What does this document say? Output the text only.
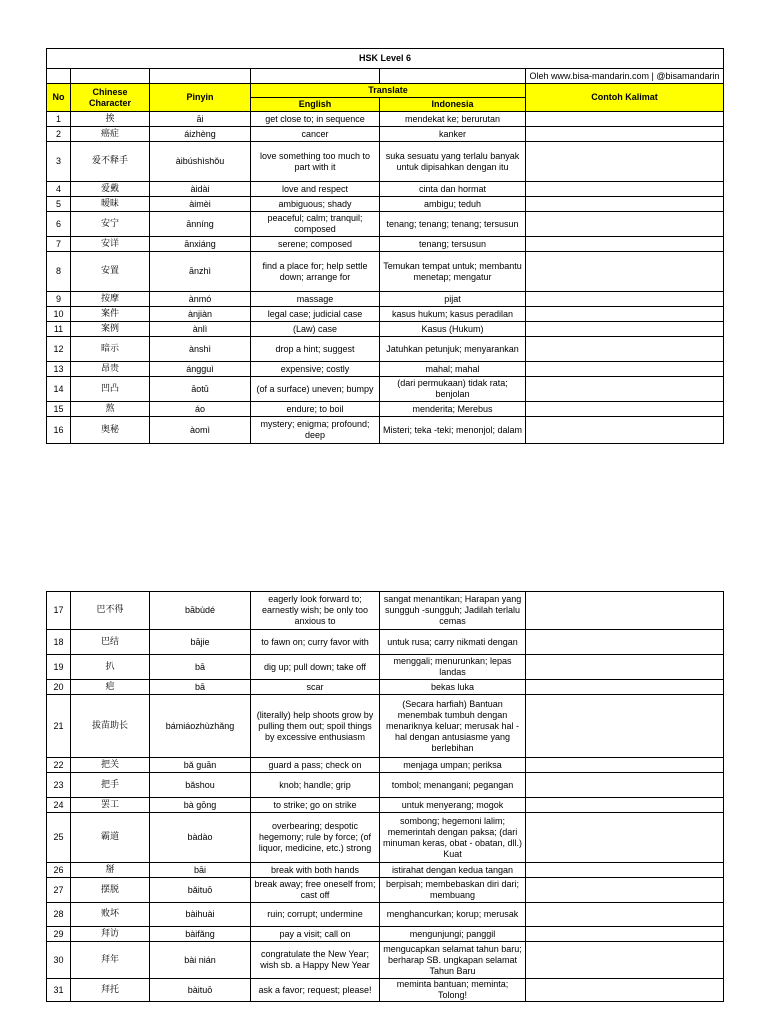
HSK Level 6					
					Oleh www.bisa-mandarin.com | @bisamandarin
No	Chinese Character	Pinyin	Translate		Contoh Kalimat
			English	Indonesia	
1	挨	āi	get close to; in sequence	mendekat ke; berurutan	
2	癌症	áizhèng	cancer	kanker	
3	爱不释手	àibúshìshǒu	love something too much to part with it	suka sesuatu yang terlalu banyak untuk dipisahkan dengan itu	
4	爱戴	àidài	love and respect	cinta dan hormat	
5	暧昧	àimèi	ambiguous; shady	ambigu; teduh	
6	安宁	ānníng	peaceful; calm; tranquil; composed	tenang; tenang; tenang; tersusun	
7	安详	ānxiáng	serene; composed	tenang; tersusun	
8	安置	ānzhì	find a place for; help settle down; arrange for	Temukan tempat untuk; membantu menetap; mengatur	
9	按摩	ànmó	massage	pijat	
10	案件	ànjiàn	legal case; judicial case	kasus hukum; kasus peradilan	
11	案例	ànlì	(Law) case	Kasus (Hukum)	
12	暗示	ànshì	drop a hint; suggest	Jatuhkan petunjuk; menyarankan	
13	昂贵	ángguì	expensive; costly	mahal; mahal	
14	凹凸	āotū	(of a surface) uneven; bumpy	(dari permukaan) tidak rata; benjolan	
15	熬	áo	endure; to boil	menderita; Merebus	
16	奥秘	àomì	mystery; enigma; profound; deep	Misteri; teka -teki; menonjol; dalam	
17	巴不得	bābùdé	eagerly look forward to; earnestly wish; be only too anxious to	sangat menantikan; Harapan yang sungguh -sungguh; Jadilah terlalu cemas	
18	巴结	bājie	to fawn on; curry favor with	untuk rusa; carry nikmati dengan	
19	扒	bā	dig up; pull down; take off	menggali; menurunkan; lepas landas	
20	疤	bā	scar	bekas luka	
21	拔苗助长	bámiáozhùzhǎng	(literally) help shoots grow by pulling them out; spoil things by excessive enthusiasm	(Secara harfiah) Bantuan menembak tumbuh dengan menariknya keluar; merusak hal -hal dengan antusiasme yang berlebihan	
22	把关	bǎ guān	guard a pass; check on	menjaga umpan; periksa	
23	把手	bǎshou	knob; handle; grip	tombol; menangani; pegangan	
24	罢工	bà gōng	to strike; go on strike	untuk menyerang; mogok	
25	霸道	bàdào	overbearing; despotic hegemony; rule by force; (of liquor, medicine, etc.) strong	sombong; hegemoni lalim; memerintah dengan paksa; (dari minuman keras, obat - obatan, dll.) Kuat	
26	掰	bāi	break with both hands	istirahat dengan kedua tangan	
27	摆脱	bǎituō	break away; free oneself from; cast off	berpisah; membebaskan diri dari; membuang	
28	败坏	bàihuài	ruin; corrupt; undermine	menghancurkan; korup; merusak	
29	拜访	bàifǎng	pay a visit; call on	mengunjungi; panggil	
30	拜年	bài nián	congratulate the New Year; wish sb. a Happy New Year	mengucapkan selamat tahun baru; berharap SB. ungkapan selamat Tahun Baru	
31	拜托	bàituō	ask a favor; request; please!	meminta bantuan; meminta; Tolong!	
